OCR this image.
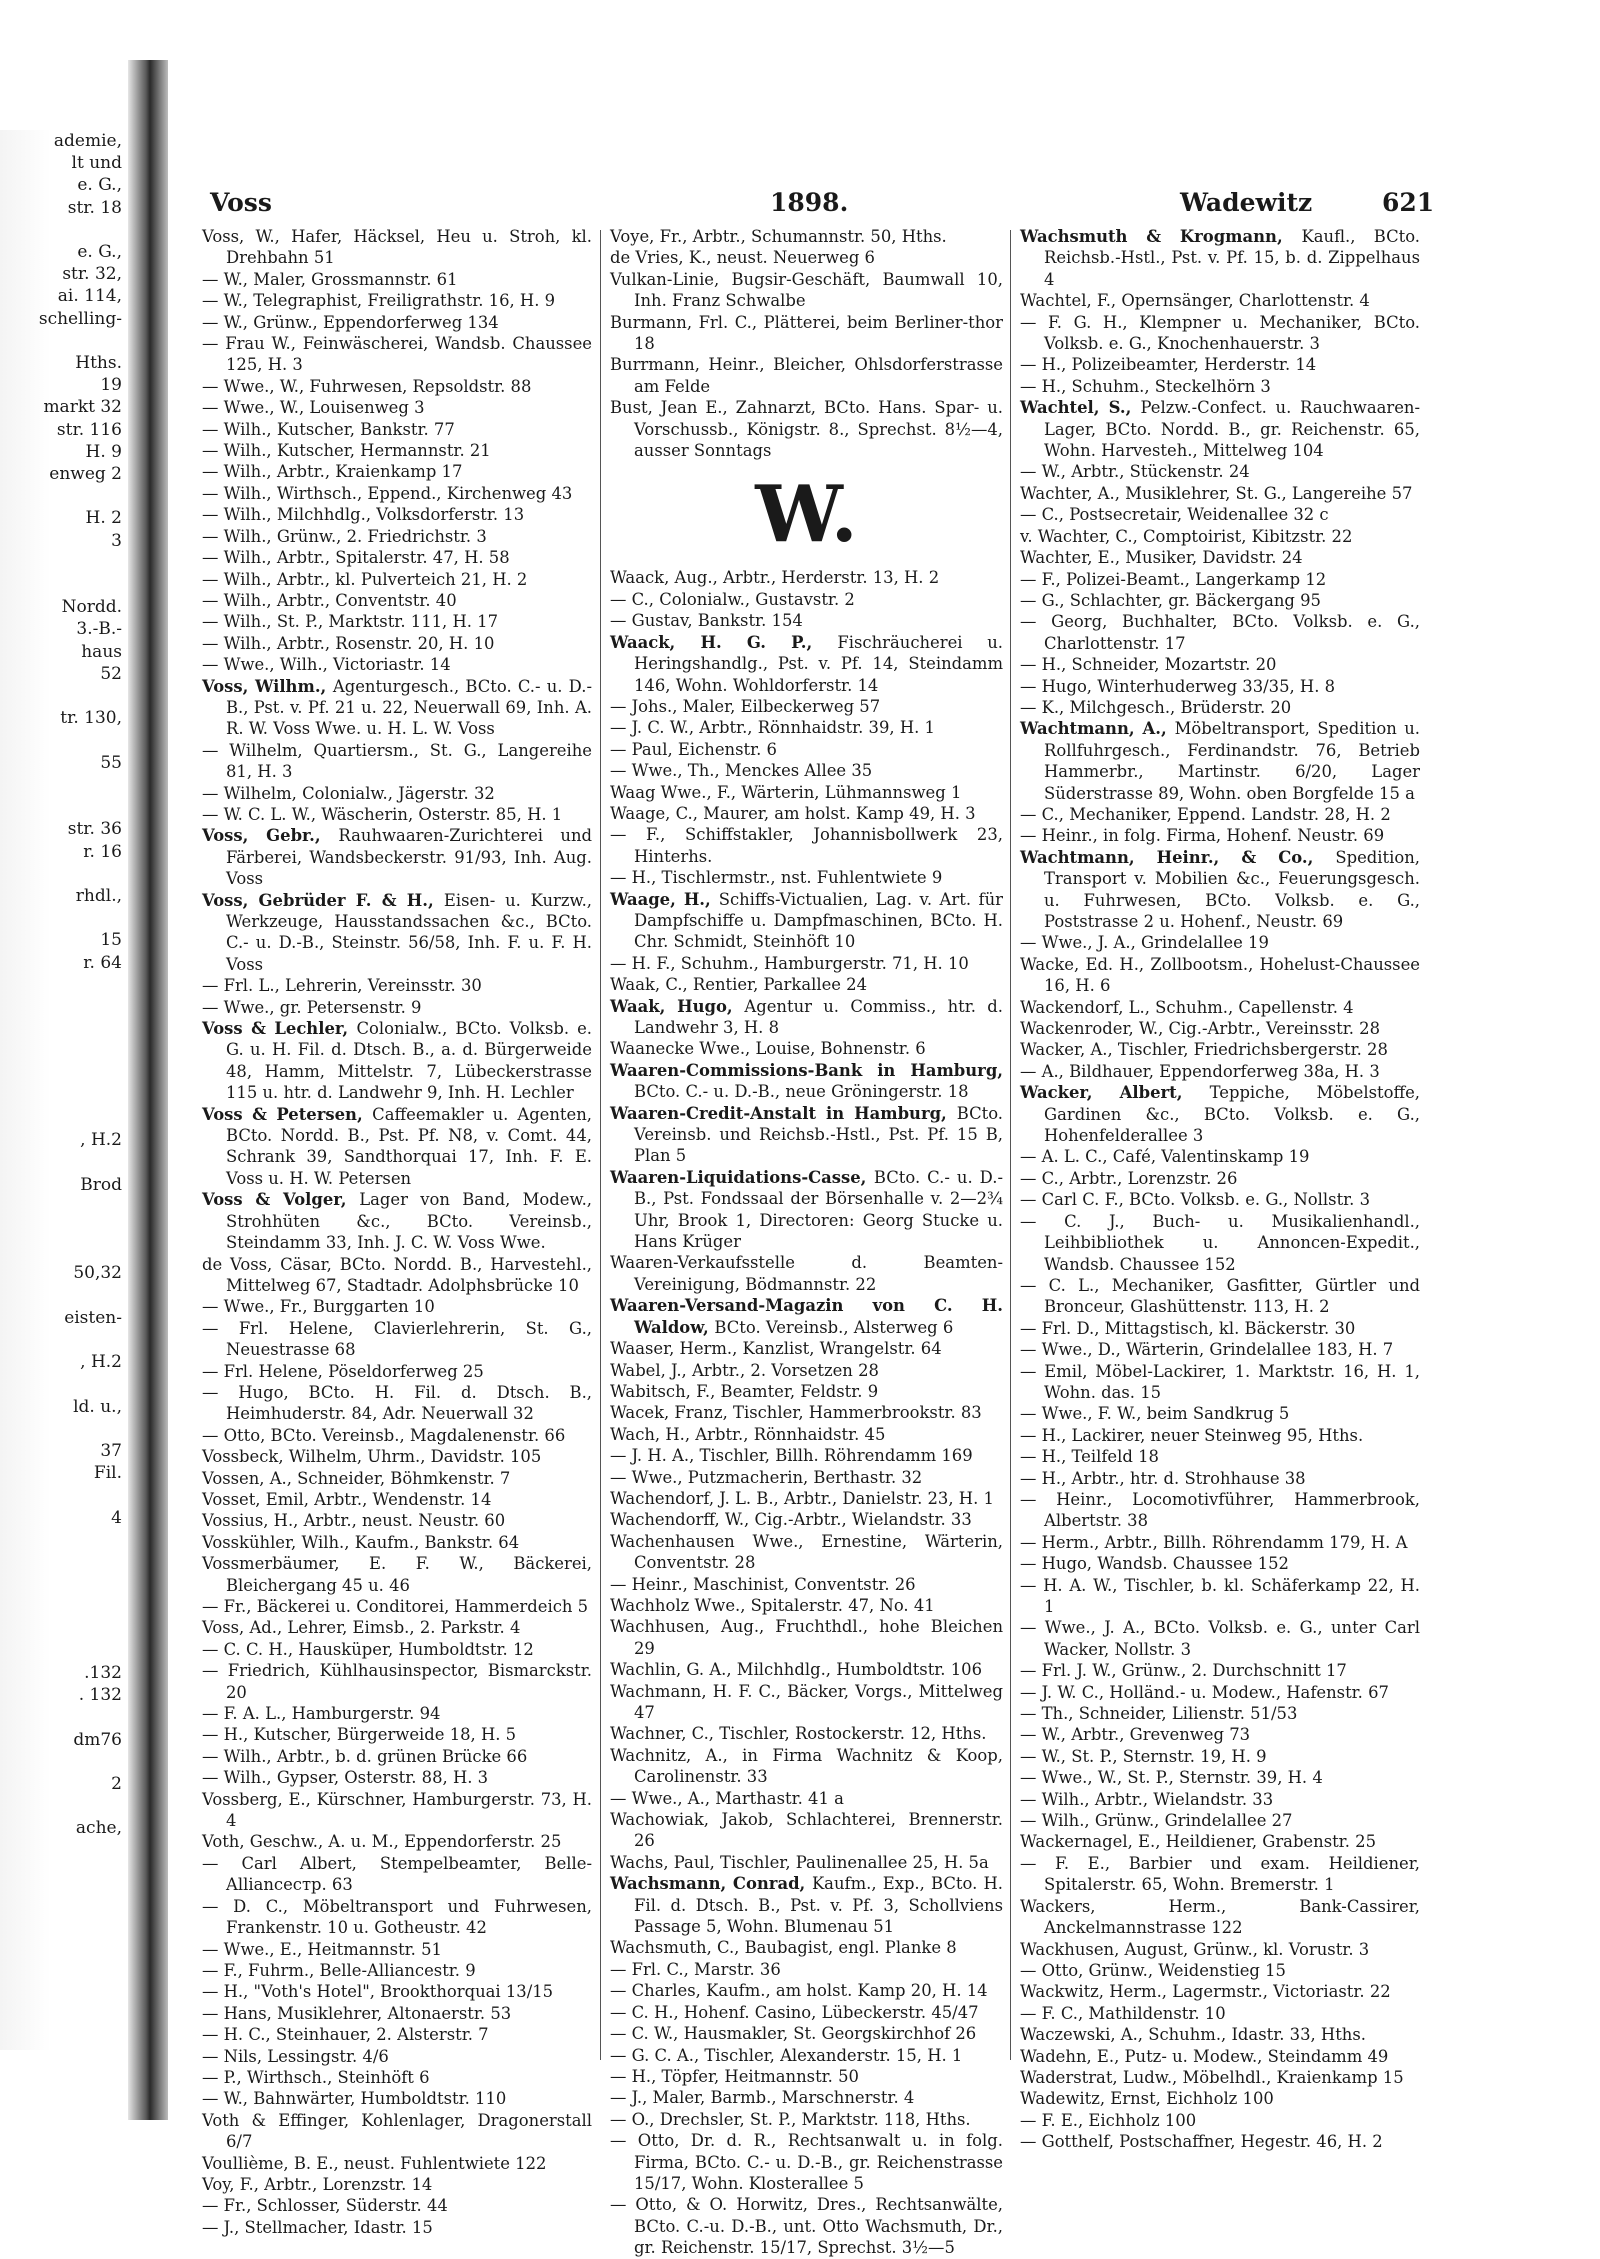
ademie,
lt und
e. G.,
str. 18

e. G.,
str. 32,
ai. 114,
schelling-

Hths.
19
markt 32
str. 116
H. 9
enweg 2

H. 2
3

Nordd.
3.-B.-
haus
52

tr. 130,

55

str. 36
r. 16

rhdl.,

15
r. 64

, H.2

Brod

50,32

eisten-

, H.2

ld. u.,

37
Fil.

4

.132
. 132

dm76

2

ache,

Voss	1898.	Wadewitz	621
Voss, W., Hafer, Häcksel, Heu u. Stroh, kl. Drehbahn 51
— W., Maler, Grossmannstr. 61
— W., Telegraphist, Freiligrathstr. 16, H. 9
— W., Grünw., Eppendorferweg 134
— Frau W., Feinwäscherei, Wandsb. Chaussee 125, H. 3
— Wwe., W., Fuhrwesen, Repsoldstr. 88
— Wwe., W., Louisenweg 3
— Wilh., Kutscher, Bankstr. 77
— Wilh., Kutscher, Hermannstr. 21
— Wilh., Arbtr., Kraienkamp 17
— Wilh., Wirthsch., Eppend., Kirchenweg 43
— Wilh., Milchhdlg., Volksdorferstr. 13
— Wilh., Grünw., 2. Friedrichstr. 3
— Wilh., Arbtr., Spitalerstr. 47, H. 58
— Wilh., Arbtr., kl. Pulverteich 21, H. 2
— Wilh., Arbtr., Conventstr. 40
— Wilh., St. P., Marktstr. 111, H. 17
— Wilh., Arbtr., Rosenstr. 20, H. 10
— Wwe., Wilh., Victoriastr. 14
Voss, Wilhm., Agenturgesch., BCto. C.- u. D.-B., Pst. v. Pf. 21 u. 22, Neuerwall 69, Inh. A. R. W. Voss Wwe. u. H. L. W. Voss
— Wilhelm, Quartiersm., St. G., Langereihe 81, H. 3
— Wilhelm, Colonialw., Jägerstr. 32
— W. C. L. W., Wäscherin, Osterstr. 85, H. 1
Voss, Gebr., Rauhwaaren-Zurichterei und Färberei, Wandsbeckerstr. 91/93, Inh. Aug. Voss
Voss, Gebrüder F. & H., Eisen- u. Kurzw., Werkzeuge, Hausstandssachen &c., BCto. C.- u. D.-B., Steinstr. 56/58, Inh. F. u. F. H. Voss
— Frl. L., Lehrerin, Vereinsstr. 30
— Wwe., gr. Petersenstr. 9
Voss & Lechler, Colonialw., BCto. Volksb. e. G. u. H. Fil. d. Dtsch. B., a. d. Bürgerweide 48, Hamm, Mittelstr. 7, Lübeckerstrasse 115 u. htr. d. Landwehr 9, Inh. H. Lechler
Voss & Petersen, Caffeemakler u. Agenten, BCto. Nordd. B., Pst. Pf. N8, v. Comt. 44, Schrank 39, Sandthorquai 17, Inh. F. E. Voss u. H. W. Petersen
Voss & Volger, Lager von Band, Modew., Strohhüten &c., BCto. Vereinsb., Steindamm 33, Inh. J. C. W. Voss Wwe.
de Voss, Cäsar, BCto. Nordd. B., Harvestehl., Mittelweg 67, Stadtadr. Adolphsbrücke 10
— Wwe., Fr., Burggarten 10
— Frl. Helene, Clavierlehrerin, St. G., Neuestrasse 68
— Frl. Helene, Pöseldorferweg 25
— Hugo, BCto. H. Fil. d. Dtsch. B., Heimhuderstr. 84, Adr. Neuerwall 32
— Otto, BCto. Vereinsb., Magdalenenstr. 66
Vossbeck, Wilhelm, Uhrm., Davidstr. 105
Vossen, A., Schneider, Böhmkenstr. 7
Vosset, Emil, Arbtr., Wendenstr. 14
Vossius, H., Arbtr., neust. Neustr. 60
Vosskühler, Wilh., Kaufm., Bankstr. 64
Vossmerbäumer, E. F. W., Bäckerei, Bleichergang 45 u. 46
— Fr., Bäckerei u. Conditorei, Hammerdeich 5
Voss, Ad., Lehrer, Eimsb., 2. Parkstr. 4
— C. C. H., Hausküper, Humboldtstr. 12
— Friedrich, Kühlhausinspector, Bismarckstr. 20
— F. A. L., Hamburgerstr. 94
— H., Kutscher, Bürgerweide 18, H. 5
— Wilh., Arbtr., b. d. grünen Brücke 66
— Wilh., Gypser, Osterstr. 88, H. 3
Vossberg, E., Kürschner, Hamburgerstr. 73, H. 4
Voth, Geschw., A. u. M., Eppendorferstr. 25
— Carl Albert, Stempelbeamter, Belle-Allianceстр. 63
— D. C., Möbeltransport und Fuhrwesen, Frankenstr. 10 u. Gotheustr. 42
— Wwe., E., Heitmannstr. 51
— F., Fuhrm., Belle-Alliancestr. 9
— H., "Voth's Hotel", Brookthorquai 13/15
— Hans, Musiklehrer, Altonaerstr. 53
— H. C., Steinhauer, 2. Alsterstr. 7
— Nils, Lessingstr. 4/6
— P., Wirthsch., Steinhöft 6
— W., Bahnwärter, Humboldtstr. 110
Voth & Effinger, Kohlenlager, Dragonerstall 6/7
Voullième, B. E., neust. Fuhlentwiete 122
Voy, F., Arbtr., Lorenzstr. 14
— Fr., Schlosser, Süderstr. 44
— J., Stellmacher, Idastr. 15
Voye, Fr., Arbtr., Schumannstr. 50, Hths.
de Vries, K., neust. Neuerweg 6
Vulkan-Linie, Bugsir-Geschäft, Baumwall 10, Inh. Franz Schwalbe
Burmann, Frl. C., Plätterei, beim Berliner-thor 18
Burrmann, Heinr., Bleicher, Ohlsdorferstrasse am Felde
Bust, Jean E., Zahnarzt, BCto. Hans. Spar- u. Vorschussb., Königstr. 8., Sprechst. 8½—4, ausser Sonntags
W.
Waack, Aug., Arbtr., Herderstr. 13, H. 2
— C., Colonialw., Gustavstr. 2
— Gustav, Bankstr. 154
Waack, H. G. P., Fischräucherei u. Heringshandlg., Pst. v. Pf. 14, Steindamm 146, Wohn. Wohldorferstr. 14
— Johs., Maler, Eilbeckerweg 57
— J. C. W., Arbtr., Rönnhaidstr. 39, H. 1
— Paul, Eichenstr. 6
— Wwe., Th., Menckes Allee 35
Waag Wwe., F., Wärterin, Lühmannsweg 1
Waage, C., Maurer, am holst. Kamp 49, H. 3
— F., Schiffstakler, Johannisbollwerk 23, Hinterhs.
— H., Tischlermstr., nst. Fuhlentwiete 9
Waage, H., Schiffs-Victualien, Lag. v. Art. für Dampfschiffe u. Dampfmaschinen, BCto. H. Chr. Schmidt, Steinhöft 10
— H. F., Schuhm., Hamburgerstr. 71, H. 10
Waak, C., Rentier, Parkallee 24
Waak, Hugo, Agentur u. Commiss., htr. d. Landwehr 3, H. 8
Waanecke Wwe., Louise, Bohnenstr. 6
Waaren-Commissions-Bank in Hamburg, BCto. C.- u. D.-B., neue Gröningerstr. 18
Waaren-Credit-Anstalt in Hamburg, BCto. Vereinsb. und Reichsb.-Hstl., Pst. Pf. 15 B, Plan 5
Waaren-Liquidations-Casse, BCto. C.- u. D.-B., Pst. Fondssaal der Börsenhalle v. 2—2¾ Uhr, Brook 1, Directoren: Georg Stucke u. Hans Krüger
Waaren-Verkaufsstelle d. Beamten-Vereinigung, Bödmannstr. 22
Waaren-Versand-Magazin von C. H. Waldow, BCto. Vereinsb., Alsterweg 6
Waaser, Herm., Kanzlist, Wrangelstr. 64
Wabel, J., Arbtr., 2. Vorsetzen 28
Wabitsch, F., Beamter, Feldstr. 9
Wacek, Franz, Tischler, Hammerbrookstr. 83
Wach, H., Arbtr., Rönnhaidstr. 45
— J. H. A., Tischler, Billh. Röhrendamm 169
— Wwe., Putzmacherin, Berthastr. 32
Wachendorf, J. L. B., Arbtr., Danielstr. 23, H. 1
Wachendorff, W., Cig.-Arbtr., Wielandstr. 33
Wachenhausen Wwe., Ernestine, Wärterin, Conventstr. 28
— Heinr., Maschinist, Conventstr. 26
Wachholz Wwe., Spitalerstr. 47, No. 41
Wachhusen, Aug., Fruchthdl., hohe Bleichen 29
Wachlin, G. A., Milchhdlg., Humboldtstr. 106
Wachmann, H. F. C., Bäcker, Vorgs., Mittelweg 47
Wachner, C., Tischler, Rostockerstr. 12, Hths.
Wachnitz, A., in Firma Wachnitz & Koop, Carolinenstr. 33
— Wwe., A., Marthastr. 41 a
Wachowiak, Jakob, Schlachterei, Brennerstr. 26
Wachs, Paul, Tischler, Paulinenallee 25, H. 5a
Wachsmann, Conrad, Kaufm., Exp., BCto. H. Fil. d. Dtsch. B., Pst. v. Pf. 3, Schollviens Passage 5, Wohn. Blumenau 51
Wachsmuth, C., Baubagist, engl. Planke 8
— Frl. C., Marstr. 36
— Charles, Kaufm., am holst. Kamp 20, H. 14
— C. H., Hohenf. Casino, Lübeckerstr. 45/47
— C. W., Hausmakler, St. Georgskirchhof 26
— G. C. A., Tischler, Alexanderstr. 15, H. 1
— H., Töpfer, Heitmannstr. 50
— J., Maler, Barmb., Marschnerstr. 4
— O., Drechsler, St. P., Marktstr. 118, Hths.
— Otto, Dr. d. R., Rechtsanwalt u. in folg. Firma, BCto. C.- u. D.-B., gr. Reichenstrasse 15/17, Wohn. Klosterallee 5
— Otto, & O. Horwitz, Dres., Rechtsanwälte, BCto. C.-u. D.-B., unt. Otto Wachsmuth, Dr., gr. Reichenstr. 15/17, Sprechst. 3½—5
Wachsmuth & Krogmann, Kaufl., BCto. Reichsb.-Hstl., Pst. v. Pf. 15, b. d. Zippelhaus 4
Wachtel, F., Opernsänger, Charlottenstr. 4
— F. G. H., Klempner u. Mechaniker, BCto. Volksb. e. G., Knochenhauerstr. 3
— H., Polizeibeamter, Herderstr. 14
— H., Schuhm., Steckelhörn 3
Wachtel, S., Pelzw.-Confect. u. Rauchwaaren-Lager, BCto. Nordd. B., gr. Reichenstr. 65, Wohn. Harvesteh., Mittelweg 104
— W., Arbtr., Stückenstr. 24
Wachter, A., Musiklehrer, St. G., Langereihe 57
— C., Postsecretair, Weidenallee 32 c
v. Wachter, C., Comptoirist, Kibitzstr. 22
Wachter, E., Musiker, Davidstr. 24
— F., Polizei-Beamt., Langerkamp 12
— G., Schlachter, gr. Bäckergang 95
— Georg, Buchhalter, BCto. Volksb. e. G., Charlottenstr. 17
— H., Schneider, Mozartstr. 20
— Hugo, Winterhuderweg 33/35, H. 8
— K., Milchgesch., Brüderstr. 20
Wachtmann, A., Möbeltransport, Spedition u. Rollfuhrgesch., Ferdinandstr. 76, Betrieb Hammerbr., Martinstr. 6/20, Lager Süderstrasse 89, Wohn. oben Borgfelde 15 a
— C., Mechaniker, Eppend. Landstr. 28, H. 2
— Heinr., in folg. Firma, Hohenf. Neustr. 69
Wachtmann, Heinr., & Co., Spedition, Transport v. Mobilien &c., Feuerungsgesch. u. Fuhrwesen, BCto. Volksb. e. G., Poststrasse 2 u. Hohenf., Neustr. 69
— Wwe., J. A., Grindelallee 19
Wacke, Ed. H., Zollbootsm., Hohelust-Chaussee 16, H. 6
Wackendorf, L., Schuhm., Capellenstr. 4
Wackenroder, W., Cig.-Arbtr., Vereinsstr. 28
Wacker, A., Tischler, Friedrichsbergerstr. 28
— A., Bildhauer, Eppendorferweg 38a, H. 3
Wacker, Albert, Teppiche, Möbelstoffe, Gardinen &c., BCto. Volksb. e. G., Hohenfelderallee 3
— A. L. C., Café, Valentinskamp 19
— C., Arbtr., Lorenzstr. 26
— Carl C. F., BCto. Volksb. e. G., Nollstr. 3
— C. J., Buch- u. Musikalienhandl., Leihbibliothek u. Annoncen-Expedit., Wandsb. Chaussee 152
— C. L., Mechaniker, Gasfitter, Gürtler und Bronceur, Glashüttenstr. 113, H. 2
— Frl. D., Mittagstisch, kl. Bäckerstr. 30
— Wwe., D., Wärterin, Grindelallee 183, H. 7
— Emil, Möbel-Lackirer, 1. Marktstr. 16, H. 1, Wohn. das. 15
— Wwe., F. W., beim Sandkrug 5
— H., Lackirer, neuer Steinweg 95, Hths.
— H., Teilfeld 18
— H., Arbtr., htr. d. Strohhause 38
— Heinr., Locomotivführer, Hammerbrook, Albertstr. 38
— Herm., Arbtr., Billh. Röhrendamm 179, H. A
— Hugo, Wandsb. Chaussee 152
— H. A. W., Tischler, b. kl. Schäferkamp 22, H. 1
— Wwe., J. A., BCto. Volksb. e. G., unter Carl Wacker, Nollstr. 3
— Frl. J. W., Grünw., 2. Durchschnitt 17
— J. W. C., Holländ.- u. Modew., Hafenstr. 67
— Th., Schneider, Lilienstr. 51/53
— W., Arbtr., Grevenweg 73
— W., St. P., Sternstr. 19, H. 9
— Wwe., W., St. P., Sternstr. 39, H. 4
— Wilh., Arbtr., Wielandstr. 33
— Wilh., Grünw., Grindelallee 27
Wackernagel, E., Heildiener, Grabenstr. 25
— F. E., Barbier und exam. Heildiener, Spitalerstr. 65, Wohn. Bremerstr. 1
Wackers, Herm., Bank-Cassirer, Anckelmannstrasse 122
Wackhusen, August, Grünw., kl. Vorustr. 3
— Otto, Grünw., Weidenstieg 15
Wackwitz, Herm., Lagermstr., Victoriastr. 22
— F. C., Mathildenstr. 10
Waczewski, A., Schuhm., Idastr. 33, Hths.
Wadehn, E., Putz- u. Modew., Steindamm 49
Waderstrat, Ludw., Möbelhdl., Kraienkamp 15
Wadewitz, Ernst, Eichholz 100
— F. E., Eichholz 100
— Gotthelf, Postschaffner, Hegestr. 46, H. 2
